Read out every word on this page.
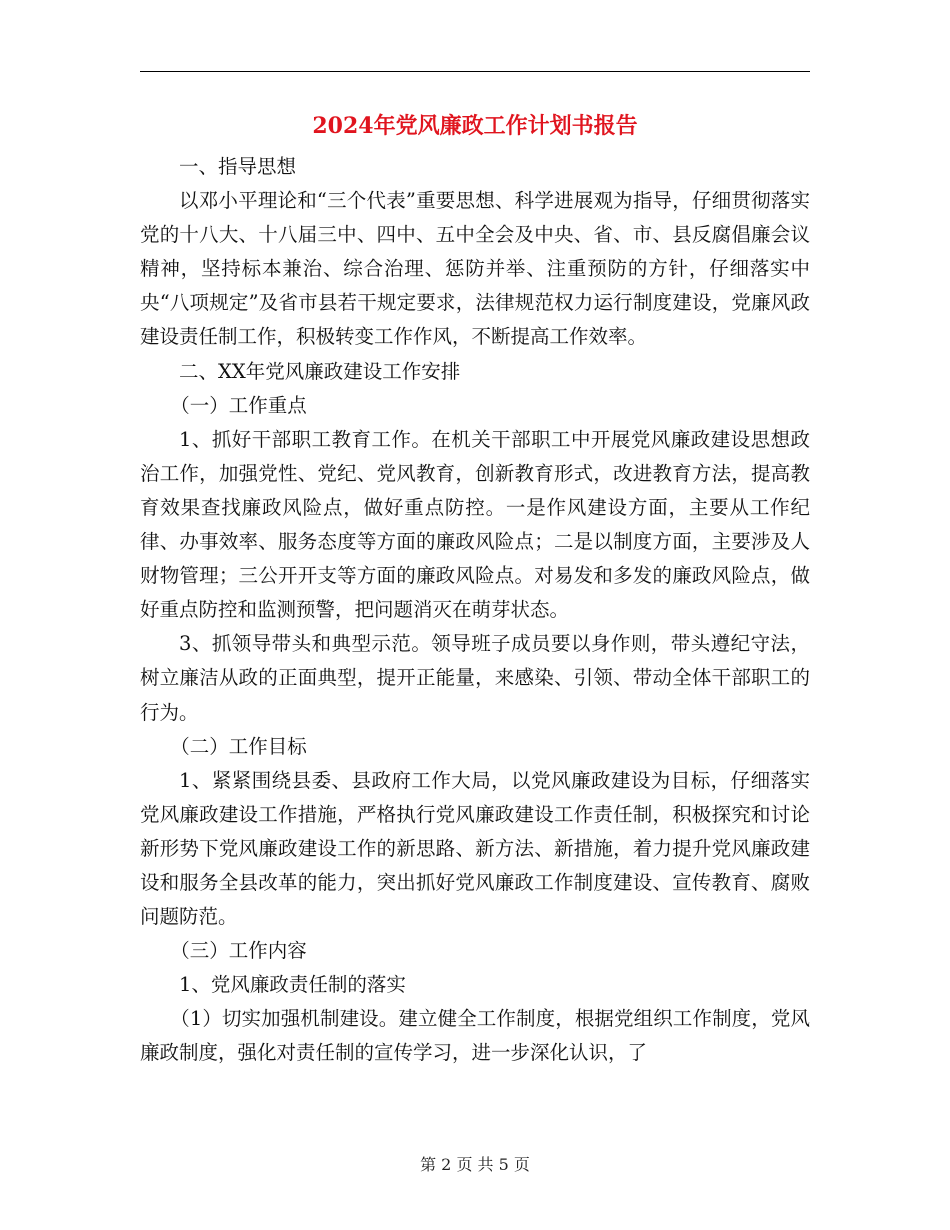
2024年党风廉政工作计划书报告

一、指导思想

以邓小平理论和“三个代表”重要思想、科学进展观为指导，仔细贯彻落实党的十八大、十八届三中、四中、五中全会及中央、省、市、县反腐倡廉会议精神，坚持标本兼治、综合治理、惩防并举、注重预防的方针，仔细落实中央“八项规定”及省市县若干规定要求，法律规范权力运行制度建设，党廉风政建设责任制工作，积极转变工作作风，不断提高工作效率。

二、XX年党风廉政建设工作安排

（一）工作重点

1、抓好干部职工教育工作。在机关干部职工中开展党风廉政建设思想政治工作，加强党性、党纪、党风教育，创新教育形式，改进教育方法，提高教育效果查找廉政风险点，做好重点防控。一是作风建设方面，主要从工作纪律、办事效率、服务态度等方面的廉政风险点；二是以制度方面，主要涉及人财物管理；三公开开支等方面的廉政风险点。对易发和多发的廉政风险点，做好重点防控和监测预警，把问题消灭在萌芽状态。

3、抓领导带头和典型示范。领导班子成员要以身作则，带头遵纪守法，树立廉洁从政的正面典型，提开正能量，来感染、引领、带动全体干部职工的行为。

（二）工作目标

1、紧紧围绕县委、县政府工作大局，以党风廉政建设为目标，仔细落实党风廉政建设工作措施，严格执行党风廉政建设工作责任制，积极探究和讨论新形势下党风廉政建设工作的新思路、新方法、新措施，着力提升党风廉政建设和服务全县改革的能力，突出抓好党风廉政工作制度建设、宣传教育、腐败问题防范。

（三）工作内容

1、党风廉政责任制的落实

（1）切实加强机制建设。建立健全工作制度，根据党组织工作制度，党风廉政制度，强化对责任制的宣传学习，进一步深化认识，了

第 2 页 共 5 页
